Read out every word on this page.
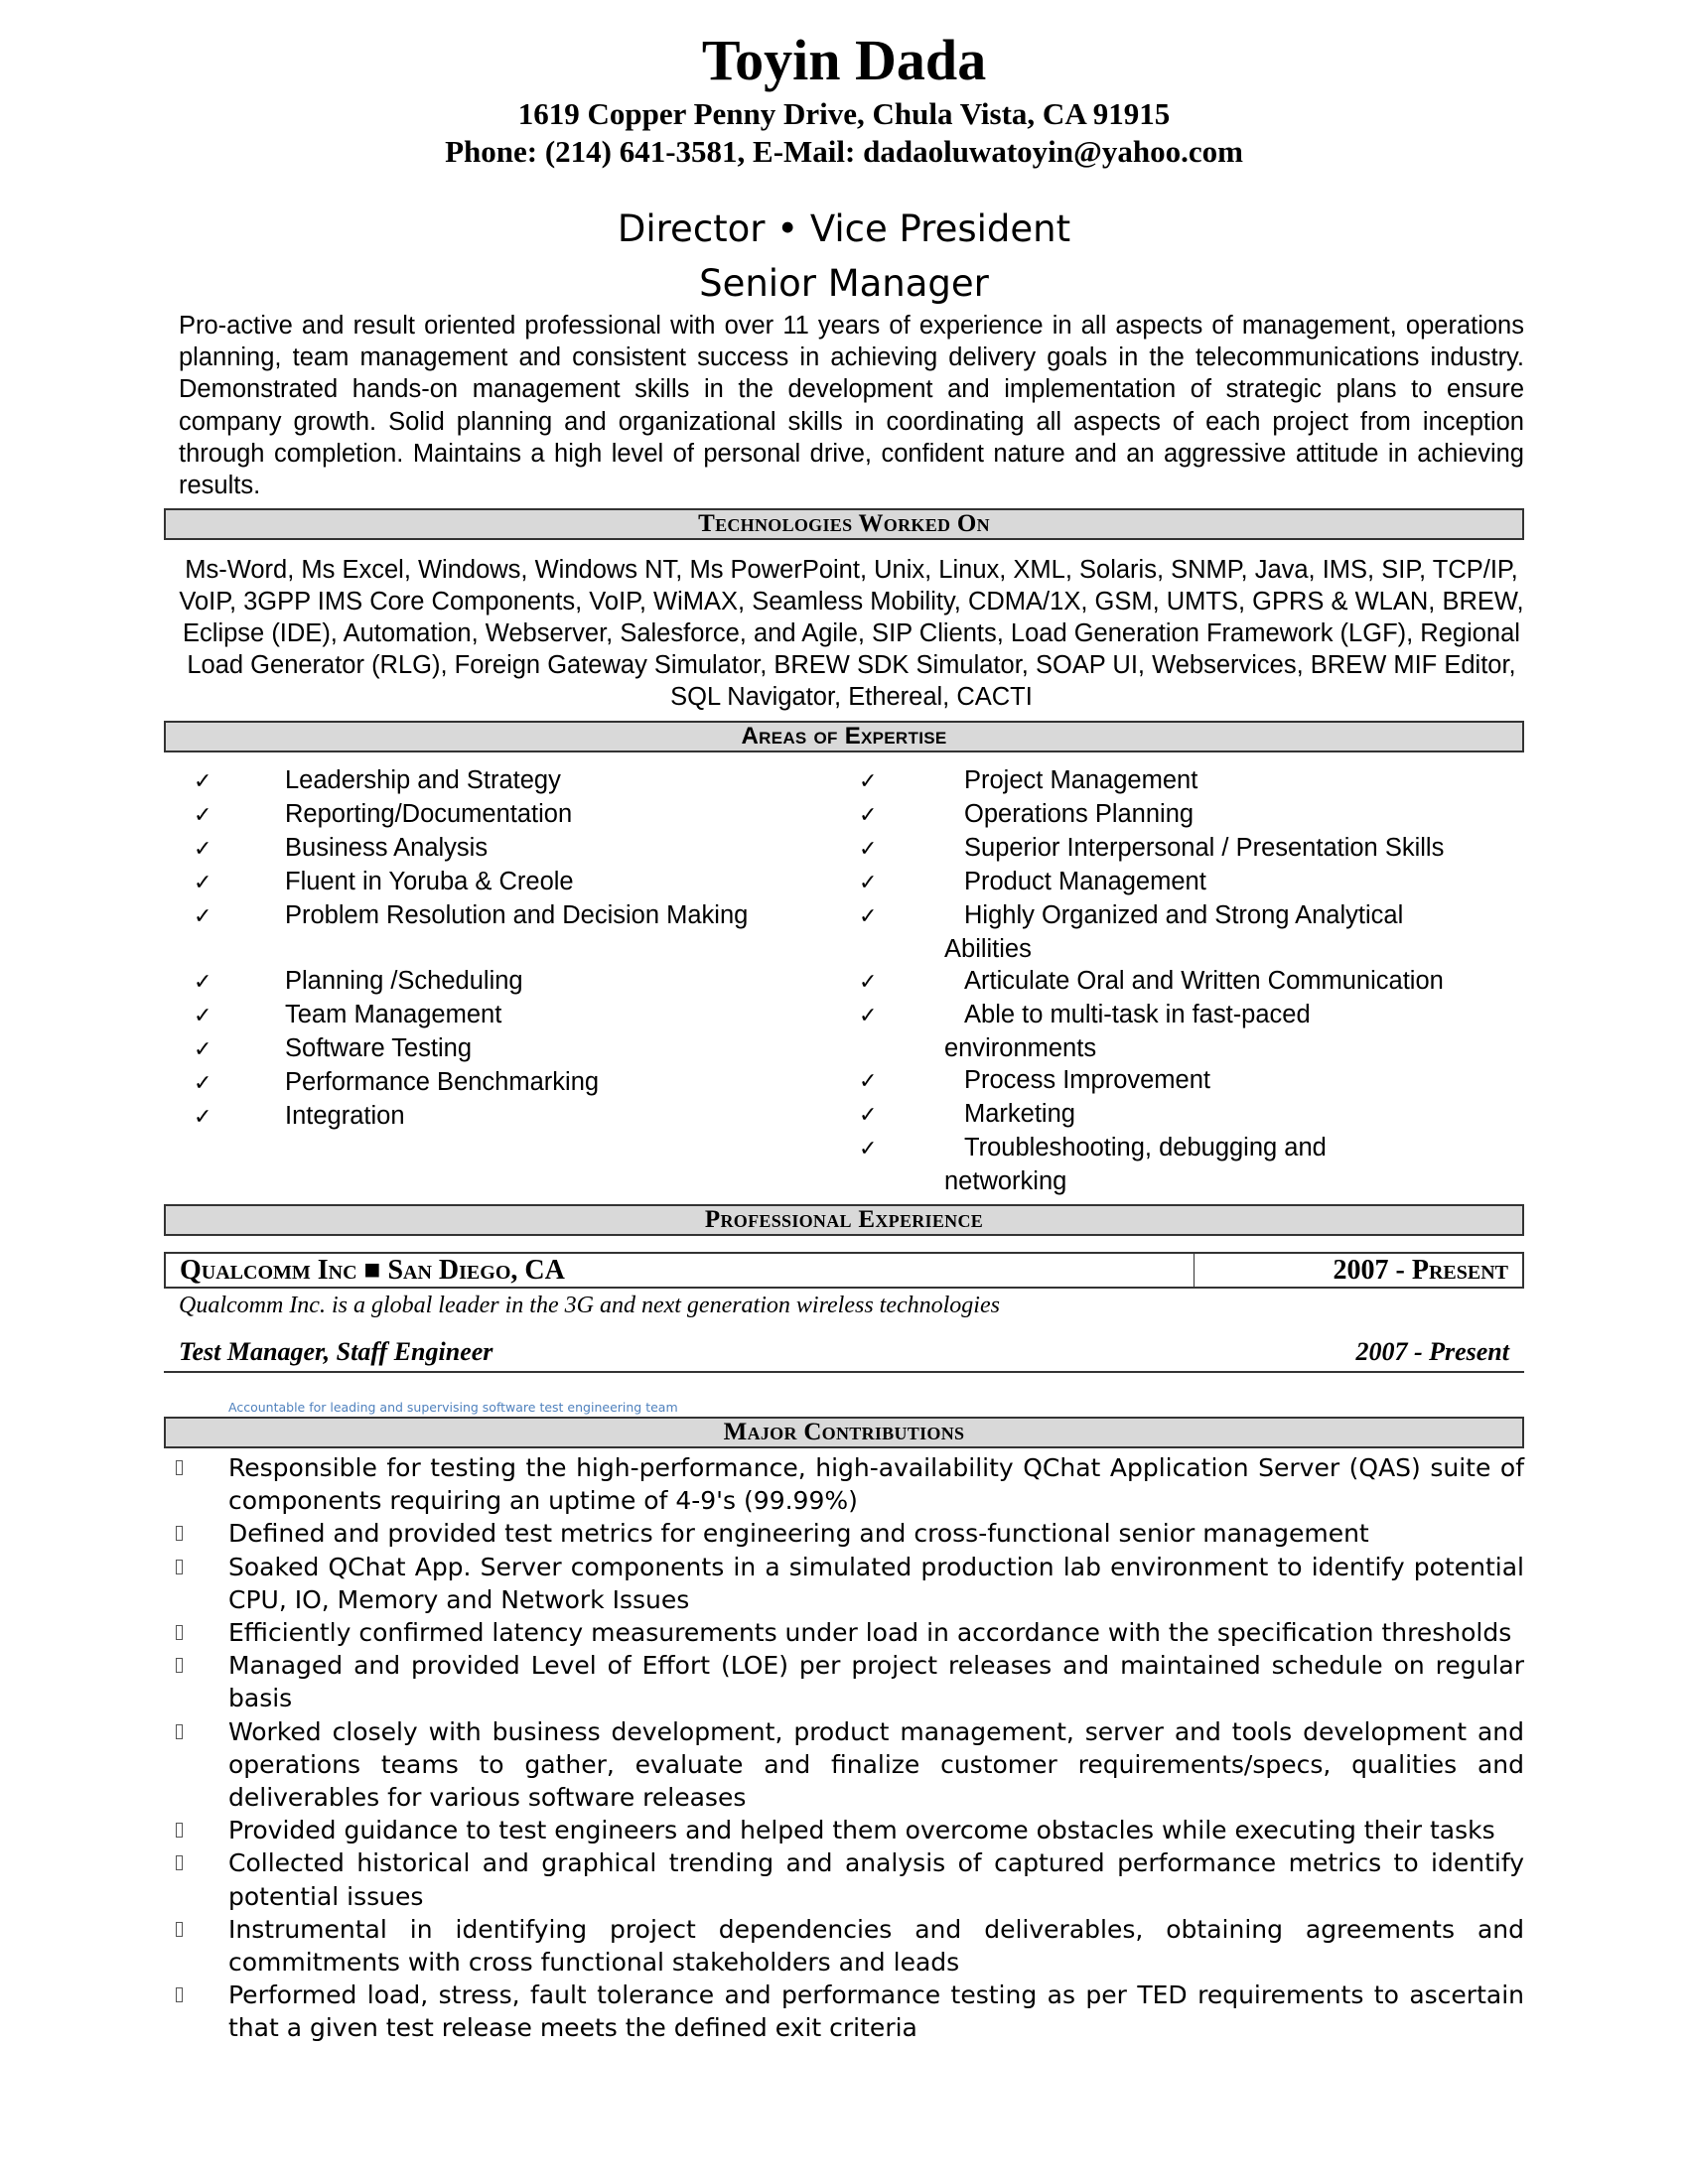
Toyin Dada
1619 Copper Penny Drive, Chula Vista, CA 91915
Phone: (214) 641-3581, E-Mail: dadaoluwatoyin@yahoo.com
Director • Vice President
Senior Manager
Pro-active and result oriented professional with over 11 years of experience in all aspects of management, operations planning, team management and consistent success in achieving delivery goals in the telecommunications industry. Demonstrated hands-on management skills in the development and implementation of strategic plans to ensure company growth. Solid planning and organizational skills in coordinating all aspects of each project from inception through completion. Maintains a high level of personal drive, confident nature and an aggressive attitude in achieving results.
Technologies Worked On
Ms-Word, Ms Excel, Windows, Windows NT, Ms PowerPoint, Unix, Linux, XML, Solaris, SNMP, Java, IMS, SIP, TCP/IP, VoIP, 3GPP IMS Core Components, VoIP, WiMAX, Seamless Mobility, CDMA/1X, GSM, UMTS, GPRS & WLAN, BREW, Eclipse (IDE), Automation, Webserver, Salesforce, and Agile, SIP Clients, Load Generation Framework (LGF), Regional Load Generator (RLG), Foreign Gateway Simulator, BREW SDK Simulator, SOAP UI, Webservices, BREW MIF Editor, SQL Navigator, Ethereal, CACTI
Areas of Expertise
✓	Leadership and Strategy
✓	Reporting/Documentation
✓	Business Analysis
✓	Fluent in Yoruba & Creole
✓	Problem Resolution and Decision Making
✓	Planning /Scheduling
✓	Team Management
✓	Software Testing
✓	Performance Benchmarking
✓	Integration
✓	Project Management
✓	Operations Planning
✓	Superior Interpersonal / Presentation Skills
✓	Product Management
✓	Highly Organized and Strong Analytical
Abilities
✓	Articulate Oral and Written Communication
✓	Able to multi-task in fast-paced
environments
✓	Process Improvement
✓	Marketing
✓	Troubleshooting, debugging and
networking
Professional Experience
Qualcomm Inc ■ San Diego, CA	2007 - Present
Qualcomm Inc. is a global leader in the 3G and next generation wireless technologies
Test Manager, Staff Engineer	2007 - Present
Accountable for leading and supervising software test engineering team
Major Contributions
Responsible for testing the high-performance, high-availability QChat Application Server (QAS) suite of components requiring an uptime of 4-9's (99.99%)
Defined and provided test metrics for engineering and cross-functional senior management
Soaked QChat App. Server components in a simulated production lab environment to identify potential CPU, IO, Memory and Network Issues
Efficiently confirmed latency measurements under load in accordance with the specification thresholds
Managed and provided Level of Effort (LOE) per project releases and maintained schedule on regular basis
Worked closely with business development, product management, server and tools development and operations teams to gather, evaluate and finalize customer requirements/specs, qualities and deliverables for various software releases
Provided guidance to test engineers and helped them overcome obstacles while executing their tasks
Collected historical and graphical trending and analysis of captured performance metrics to identify potential issues
Instrumental in identifying project dependencies and deliverables, obtaining agreements and commitments with cross functional stakeholders and leads
Performed load, stress, fault tolerance and performance testing as per TED requirements to ascertain that a given test release meets the defined exit criteria
